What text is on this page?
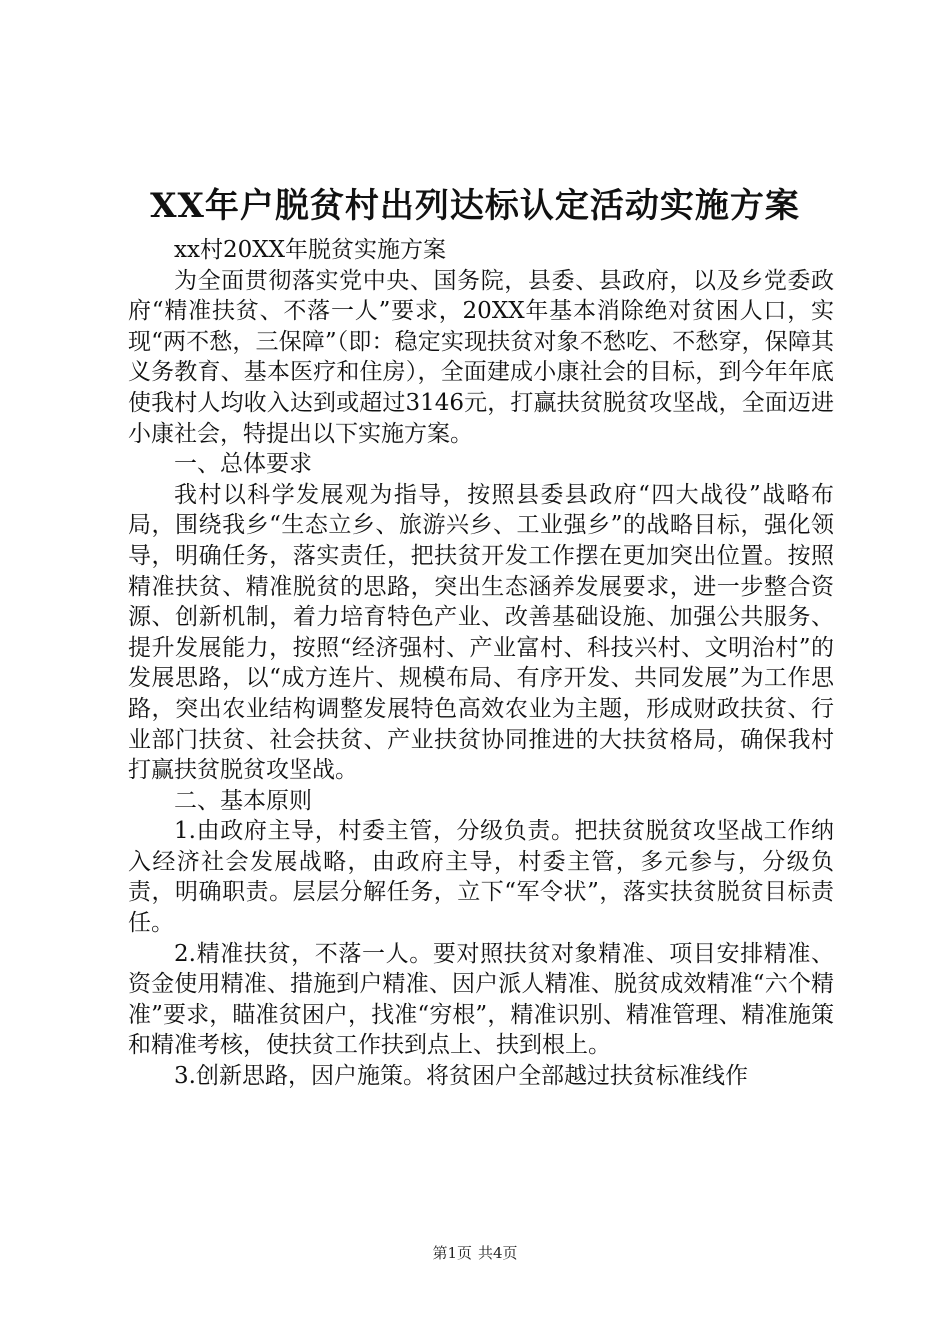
XX年户脱贫村出列达标认定活动实施方案

xx村20XX年脱贫实施方案

为全面贯彻落实党中央、国务院，县委、县政府，以及乡党委政府“精准扶贫、不落一人”要求，20XX年基本消除绝对贫困人口，实现“两不愁，三保障”（即：稳定实现扶贫对象不愁吃、不愁穿，保障其义务教育、基本医疗和住房），全面建成小康社会的目标，到今年年底使我村人均收入达到或超过3146元，打赢扶贫脱贫攻坚战，全面迈进小康社会，特提出以下实施方案。

一、总体要求

我村以科学发展观为指导，按照县委县政府“四大战役”战略布局，围绕我乡“生态立乡、旅游兴乡、工业强乡”的战略目标，强化领导，明确任务，落实责任，把扶贫开发工作摆在更加突出位置。按照精准扶贫、精准脱贫的思路，突出生态涵养发展要求，进一步整合资源、创新机制，着力培育特色产业、改善基础设施、加强公共服务、提升发展能力，按照“经济强村、产业富村、科技兴村、文明治村”的发展思路，以“成方连片、规模布局、有序开发、共同发展”为工作思路，突出农业结构调整发展特色高效农业为主题，形成财政扶贫、行业部门扶贫、社会扶贫、产业扶贫协同推进的大扶贫格局，确保我村打赢扶贫脱贫攻坚战。

二、基本原则

1.由政府主导，村委主管，分级负责。把扶贫脱贫攻坚战工作纳入经济社会发展战略，由政府主导，村委主管，多元参与，分级负责，明确职责。层层分解任务，立下“军令状”，落实扶贫脱贫目标责任。

2.精准扶贫，不落一人。要对照扶贫对象精准、项目安排精准、资金使用精准、措施到户精准、因户派人精准、脱贫成效精准“六个精准”要求，瞄准贫困户，找准“穷根”，精准识别、精准管理、精准施策和精准考核，使扶贫工作扶到点上、扶到根上。

3.创新思路，因户施策。将贫困户全部越过扶贫标准线作

第1页 共4页
